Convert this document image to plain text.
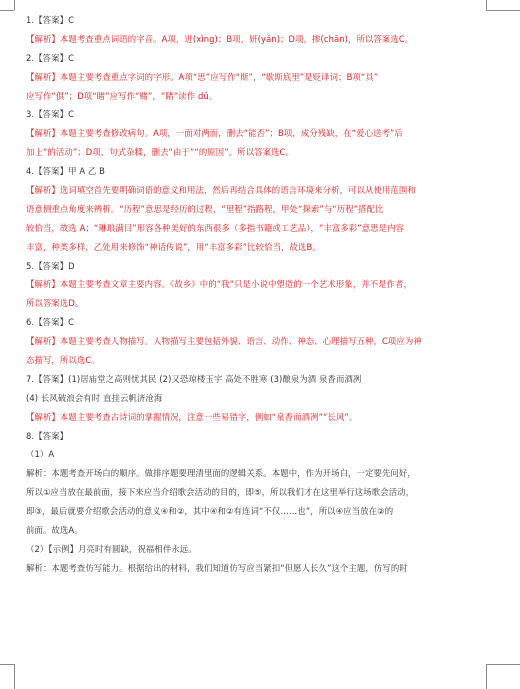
1.【答案】C
【解析】本题考查重点词语的字音。A项，迸(xìng)；B项，妍(yán)；D项，掺(chān)，所以答案选C。
2.【答案】C
【解析】本题主要考查重点字词的字形。A项“思”应写作“斯”，“歇斯底里”是贬译词；B项“具”
应写作“俱”；D项“睹”应写作“赌”，“睹”读作 dǔ。
3.【答案】C
【解析】本题主要考查修改病句。A项，一面对两面，删去“能否”；B项，成分残缺，在“爱心送考”后
加上“的活动”；D项，句式杂糅，删去“由于”“的原因”。所以答案选C。
4.【答案】甲 A 乙 B
【解析】选词填空首先要明确词语的意义和用法，然后再结合具体的语言环境来分析，可以从使用范围和
语意侧重点角度来辨析。“历程”意思是经历的过程，“里程”指路程，甲处“探索”与“历程”搭配比
较恰当，故选 A；“琳琅满目”形容各种美好的东西很多（多指书籍或工艺品），“丰富多彩”意思是内容
丰富，种类多样，乙处用来修饰“神话传说”，用“丰富多彩”比较恰当，故选B。
5.【答案】D
【解析】本题主要考查文章主要内容。《故乡》中的“我”只是小说中塑造的一个艺术形象，并不是作者，
所以答案选D。
6.【答案】C
【解析】本题主要考查人物描写。人物描写主要包括外貌、语言、动作、神态、心理描写五种，C项应为神
态描写，所以选C。
7.【答案】(1)居庙堂之高则忧其民 (2)又恐琼楼玉宇 高处不胜寒 (3)酿泉为酒 泉香而酒冽
(4) 长风破浪会有时 直挂云帆济沧海
【解析】本题主要考查古诗词的掌握情况，注意一些易错字，例如“泉香而酒冽”“长风”。
8.【答案】
（1）A
解析：本题考查开场白的顺序。做排序题要理清里面的逻辑关系。本题中，作为开场白，一定要先问好，
所以①应当放在最前面，接下来应当介绍歌会活动的目的，即⑤，所以我们才在这里举行这场歌会活动，
即③，最后就要介绍歌会活动的意义④和②，其中④和②有连词“不仅……也”，所以④应当放在②的
前面。故选A。
（2）【示例】月亮时有圆缺，祝福相伴永远。
解析：本题考查仿写能力。根据给出的材料，我们知道仿写应当紧扣“但愿人长久”这个主题，仿写的时
